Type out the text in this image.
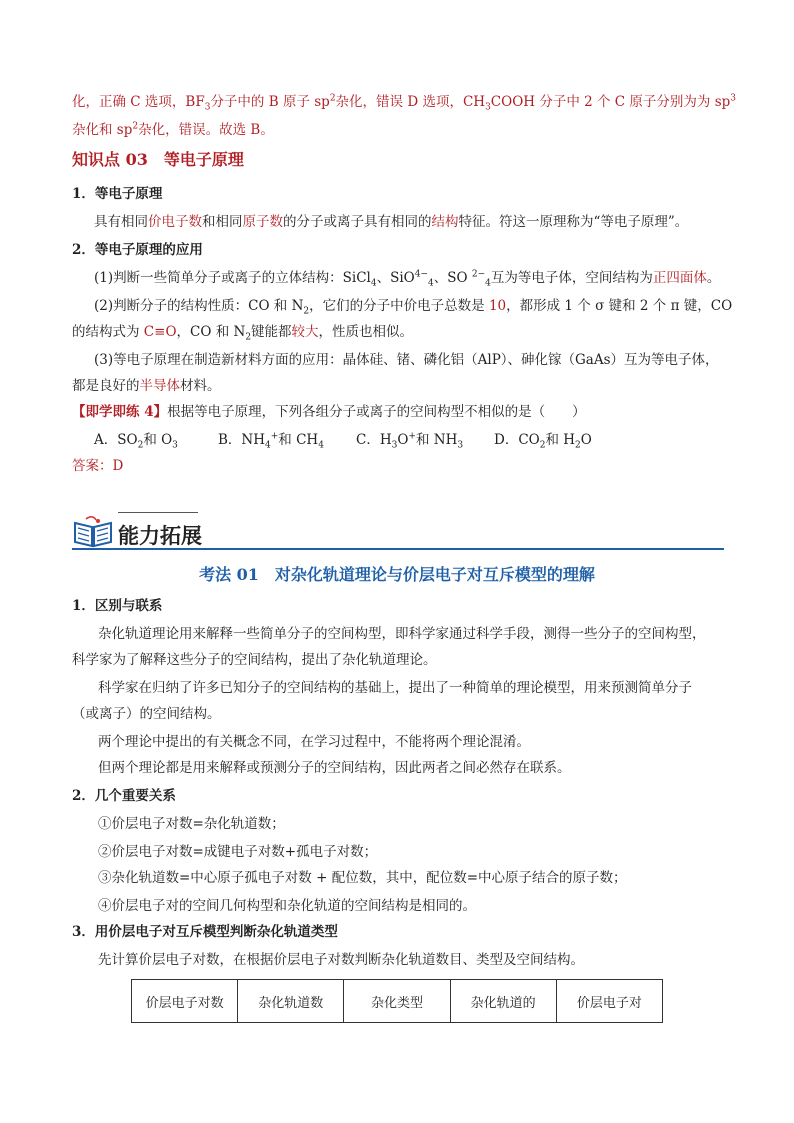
化，正确 C 选项，$BF_3$分子中的 B 原子 $sp^2$杂化，错误 D 选项，$CH_3COOH$ 分子中 2 个 C 原子分别为为 $sp^3$
杂化和 $sp^2$杂化，错误。故选 B。
知识点 03　等电子原理
1．等电子原理
具有相同价电子数和相同原子数的分子或离子具有相同的结构特征。符这一原理称为“等电子原理”。
2．等电子原理的应用
(1)判断一些简单分子或离子的立体结构：SiCl$_4$、SiO$^{4-}_4$、SO $^{2-}_4$互为等电子体，空间结构为正四面体。
(2)判断分子的结构性质：CO 和 $N_2$，它们的分子中价电子总数是 10，都形成 1 个 σ 键和 2 个 π 键，CO
的结构式为 C≡O，CO 和 $N_2$键能都较大，性质也相似。
(3)等电子原理在制造新材料方面的应用：晶体硅、锗、磷化铝（AlP）、砷化镓（GaAs）互为等电子体，
都是良好的半导体材料。
【即学即练 4】根据等电子原理，下列各组分子或离子的空间构型不相似的是（　　）
A．$SO_2$和 $O_3$	B．$NH_4^+$和 $CH_4$ C．$H_3O^+$和 $NH_3$ D．$CO_2$和 $H_2O$
答案：D
能力拓展
考法 01　对杂化轨道理论与价层电子对互斥模型的理解
1．区别与联系
杂化轨道理论用来解释一些简单分子的空间构型，即科学家通过科学手段，测得一些分子的空间构型，
科学家为了解释这些分子的空间结构，提出了杂化轨道理论。
科学家在归纳了许多已知分子的空间结构的基础上，提出了一种简单的理论模型，用来预测简单分子
（或离子）的空间结构。
两个理论中提出的有关概念不同，在学习过程中，不能将两个理论混淆。
但两个理论都是用来解释或预测分子的空间结构，因此两者之间必然存在联系。
2．几个重要关系
①价层电子对数=杂化轨道数；
②价层电子对数=成键电子对数+孤电子对数；
③杂化轨道数=中心原子孤电子对数 + 配位数，其中，配位数=中心原子结合的原子数；
④价层电子对的空间几何构型和杂化轨道的空间结构是相同的。
3．用价层电子对互斥模型判断杂化轨道类型
先计算价层电子对数，在根据价层电子对数判断杂化轨道数目、类型及空间结构。
价层电子对数	杂化轨道数	杂化类型	杂化轨道的	价层电子对
